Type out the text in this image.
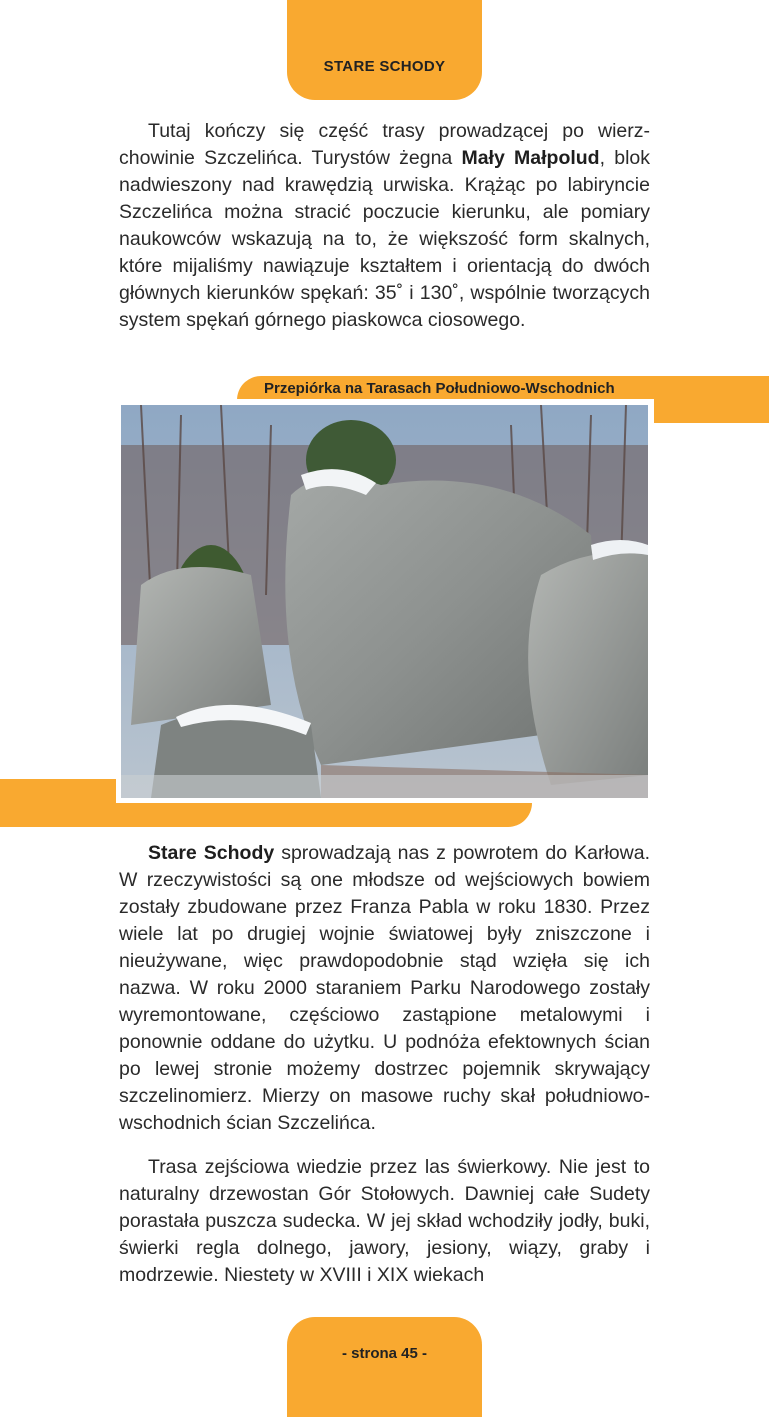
STARE SCHODY

Tutaj kończy się część trasy prowadzącej po wierzchowinie Szczelińca. Turystów żegna Mały Małpolud, blok nadwieszony nad krawędzią urwiska. Krążąc po labiryncie Szczelińca można stracić poczucie kierunku, ale pomiary naukowców wskazują na to, że większość form skalnych, które mijaliśmy nawiązuje kształtem i orientacją do dwóch głównych kierunków spękań: 35˚ i 130˚, wspólnie tworzących system spękań górnego piaskowca ciosowego.

Przepiórka na Tarasach Południowo-Wschodnich

Stare Schody sprowadzają nas z powrotem do Karłowa. W rzeczywistości są one młodsze od wejściowych bowiem zostały zbudowane przez Franza Pabla w roku 1830. Przez wiele lat po drugiej wojnie światowej były zniszczone i nieużywane, więc prawdopodobnie stąd wzięła się ich nazwa. W roku 2000 staraniem Parku Narodowego zostały wyremontowane, częściowo zastąpione metalowymi i ponownie oddane do użytku. U podnóża efektownych ścian po lewej stronie możemy dostrzec pojemnik skrywający szczelinomierz. Mierzy on masowe ruchy skał południowo-wschodnich ścian Szczelińca.

Trasa zejściowa wiedzie przez las świerkowy. Nie jest to naturalny drzewostan Gór Stołowych. Dawniej całe Sudety porastała puszcza sudecka. W jej skład wchodziły jodły, buki, świerki regla dolnego, jawory, jesiony, wiązy, graby i modrzewie. Niestety w XVIII i XIX wiekach

- strona 45 -
